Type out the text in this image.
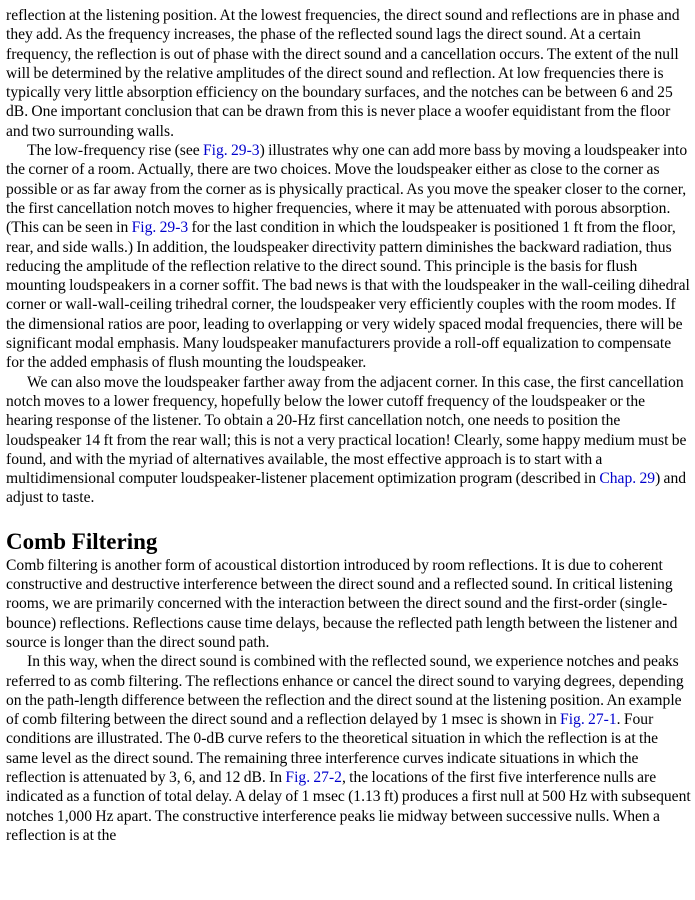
reflection at the listening position. At the lowest frequencies, the direct sound and reflections are in phase and they add. As the frequency increases, the phase of the reflected sound lags the direct sound. At a certain frequency, the reflection is out of phase with the direct sound and a cancellation occurs. The extent of the null will be determined by the relative amplitudes of the direct sound and reflection. At low frequencies there is typically very little absorption efficiency on the boundary surfaces, and the notches can be between 6 and 25 dB. One important conclusion that can be drawn from this is never place a woofer equidistant from the floor and two surrounding walls.

The low-frequency rise (see Fig. 29-3) illustrates why one can add more bass by moving a loudspeaker into the corner of a room. Actually, there are two choices. Move the loudspeaker either as close to the corner as possible or as far away from the corner as is physically practical. As you move the speaker closer to the corner, the first cancellation notch moves to higher frequencies, where it may be attenuated with porous absorption. (This can be seen in Fig. 29-3 for the last condition in which the loudspeaker is positioned 1 ft from the floor, rear, and side walls.) In addition, the loudspeaker directivity pattern diminishes the backward radiation, thus reducing the amplitude of the reflection relative to the direct sound. This principle is the basis for flush mounting loudspeakers in a corner soffit. The bad news is that with the loudspeaker in the wall-ceiling dihedral corner or wall-wall-ceiling trihedral corner, the loudspeaker very efficiently couples with the room modes. If the dimensional ratios are poor, leading to overlapping or very widely spaced modal frequencies, there will be significant modal emphasis. Many loudspeaker manufacturers provide a roll-off equalization to compensate for the added emphasis of flush mounting the loudspeaker.

We can also move the loudspeaker farther away from the adjacent corner. In this case, the first cancellation notch moves to a lower frequency, hopefully below the lower cutoff frequency of the loudspeaker or the hearing response of the listener. To obtain a 20-Hz first cancellation notch, one needs to position the loudspeaker 14 ft from the rear wall; this is not a very practical location! Clearly, some happy medium must be found, and with the myriad of alternatives available, the most effective approach is to start with a multidimensional computer loudspeaker-listener placement optimization program (described in Chap. 29) and adjust to taste.

Comb Filtering

Comb filtering is another form of acoustical distortion introduced by room reflections. It is due to coherent constructive and destructive interference between the direct sound and a reflected sound. In critical listening rooms, we are primarily concerned with the interaction between the direct sound and the first-order (single-bounce) reflections. Reflections cause time delays, because the reflected path length between the listener and source is longer than the direct sound path.

In this way, when the direct sound is combined with the reflected sound, we experience notches and peaks referred to as comb filtering. The reflections enhance or cancel the direct sound to varying degrees, depending on the path-length difference between the reflection and the direct sound at the listening position. An example of comb filtering between the direct sound and a reflection delayed by 1 msec is shown in Fig. 27-1. Four conditions are illustrated. The 0-dB curve refers to the theoretical situation in which the reflection is at the same level as the direct sound. The remaining three interference curves indicate situations in which the reflection is attenuated by 3, 6, and 12 dB. In Fig. 27-2, the locations of the first five interference nulls are indicated as a function of total delay. A delay of 1 msec (1.13 ft) produces a first null at 500 Hz with subsequent notches 1,000 Hz apart. The constructive interference peaks lie midway between successive nulls. When a reflection is at the
